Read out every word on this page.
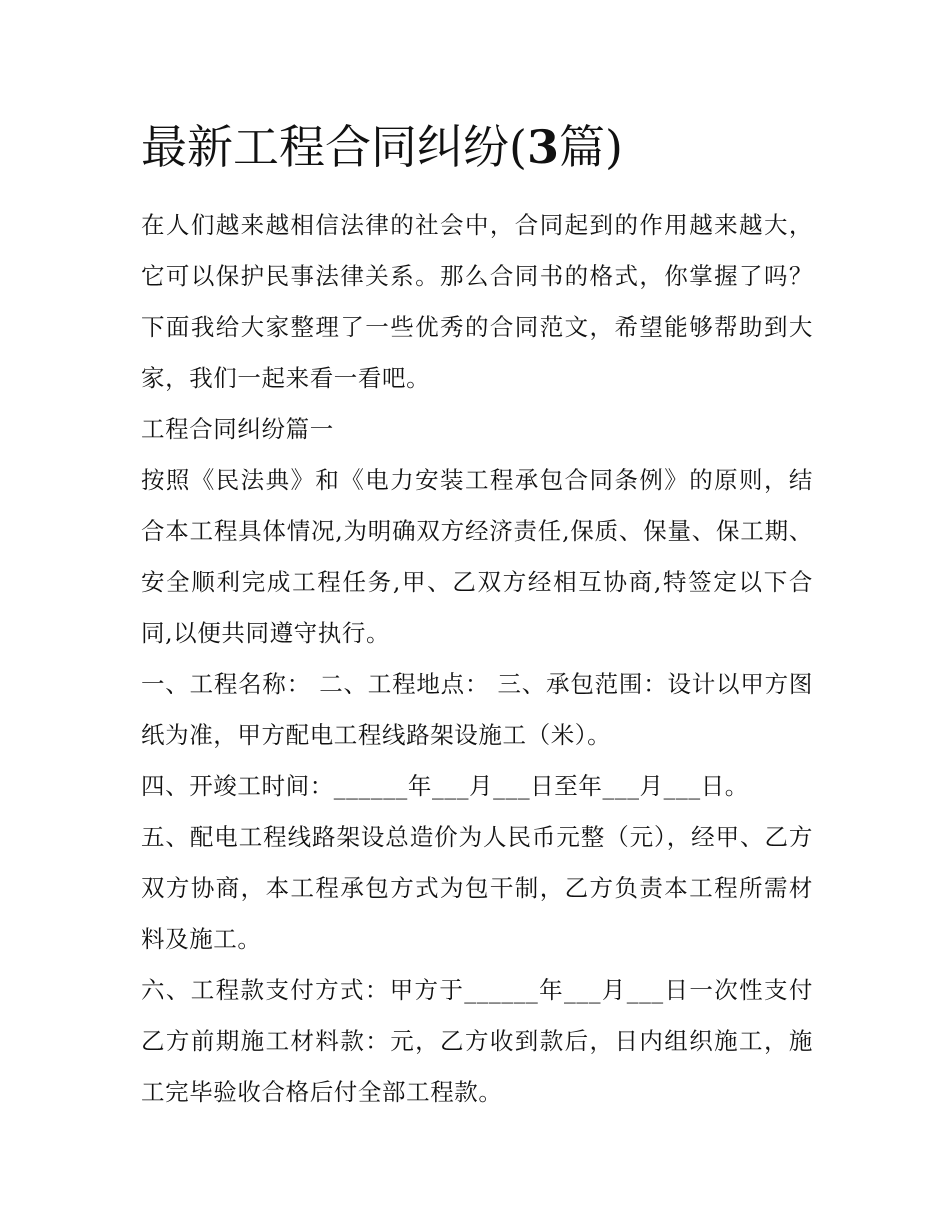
最新工程合同纠纷(3篇)

在人们越来越相信法律的社会中，合同起到的作用越来越大，它可以保护民事法律关系。那么合同书的格式，你掌握了吗？下面我给大家整理了一些优秀的合同范文，希望能够帮助到大家，我们一起来看一看吧。

工程合同纠纷篇一

按照《民法典》和《电力安装工程承包合同条例》的原则，结合本工程具体情况,为明确双方经济责任,保质、保量、保工期、安全顺利完成工程任务,甲、乙双方经相互协商,特签定以下合同,以便共同遵守执行。

一、工程名称： 二、工程地点： 三、承包范围：设计以甲方图纸为准，甲方配电工程线路架设施工（米）。

四、开竣工时间：______年___月___日至年___月___日。

五、配电工程线路架设总造价为人民币元整（元），经甲、乙方双方协商，本工程承包方式为包干制，乙方负责本工程所需材料及施工。

六、工程款支付方式：甲方于______年___月___日一次性支付乙方前期施工材料款：元，乙方收到款后，日内组织施工，施工完毕验收合格后付全部工程款。
